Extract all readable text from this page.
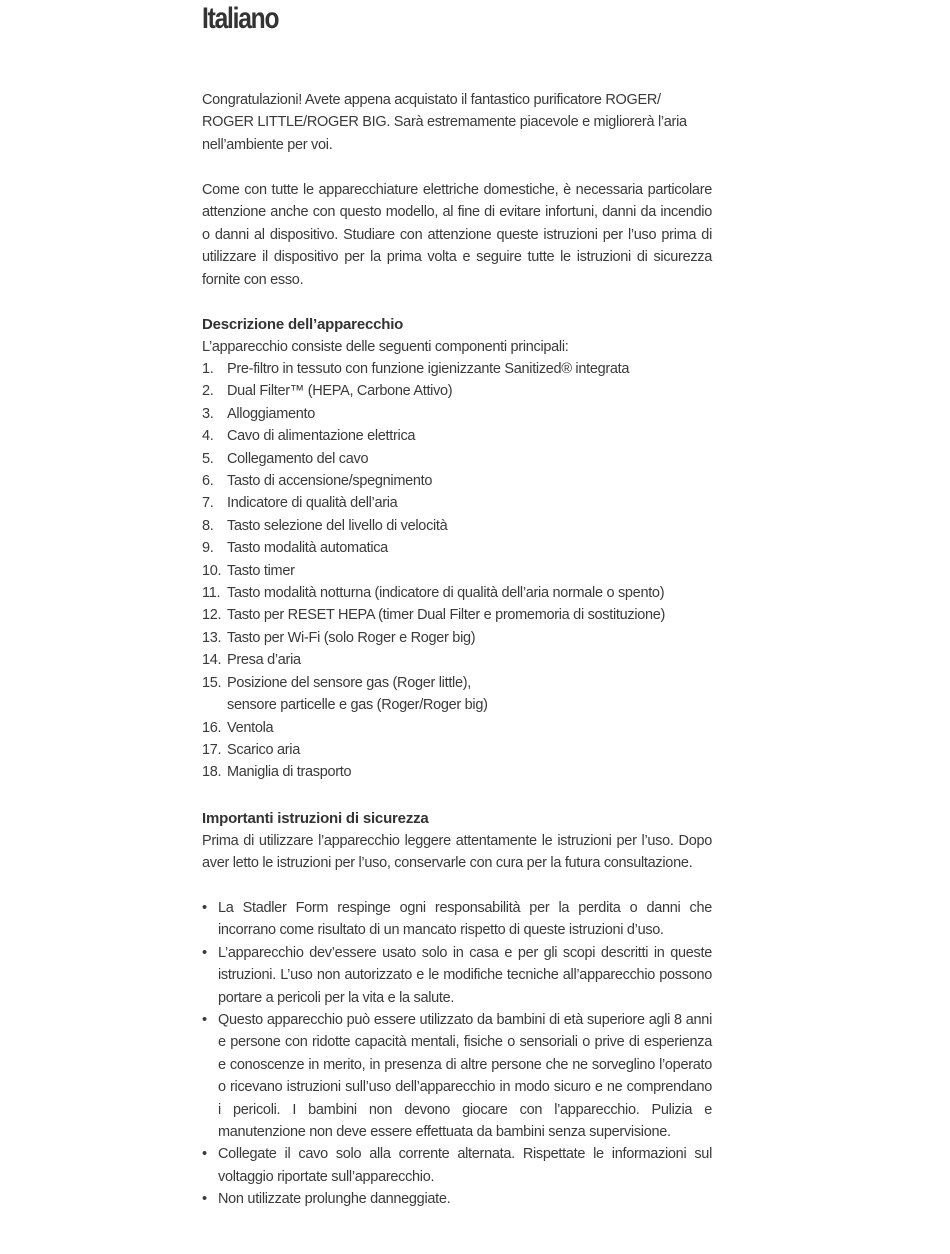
Italiano

Congratulazioni! Avete appena acquistato il fantastico purificatore ROGER/ ROGER LITTLE/ROGER BIG. Sarà estremamente piacevole e migliorerà l’aria nell’ambiente per voi.

Come con tutte le apparecchiature elettriche domestiche, è necessaria particolare attenzione anche con questo modello, al fine di evitare infortuni, danni da incendio o danni al dispositivo. Studiare con attenzione queste istruzioni per l’uso prima di utilizzare il dispositivo per la prima volta e seguire tutte le istruzioni di sicurezza fornite con esso.

Descrizione dell’apparecchio

L’apparecchio consiste delle seguenti componenti principali:

1. Pre-filtro in tessuto con funzione igienizzante Sanitized® integrata
2. Dual Filter™ (HEPA, Carbone Attivo)
3. Alloggiamento
4. Cavo di alimentazione elettrica
5. Collegamento del cavo
6. Tasto di accensione/spegnimento
7. Indicatore di qualità dell’aria
8. Tasto selezione del livello di velocità
9. Tasto modalità automatica
10. Tasto timer
11. Tasto modalità notturna (indicatore di qualità dell’aria normale o spento)
12. Tasto per RESET HEPA (timer Dual Filter e promemoria di sostituzione)
13. Tasto per Wi-Fi (solo Roger e Roger big)
14. Presa d’aria
15. Posizione del sensore gas (Roger little),
sensore particelle e gas (Roger/Roger big)
16. Ventola
17. Scarico aria
18. Maniglia di trasporto
Importanti istruzioni di sicurezza

Prima di utilizzare l’apparecchio leggere attentamente le istruzioni per l’uso. Dopo aver letto le istruzioni per l’uso, conservarle con cura per la futura consultazione.

• La Stadler Form respinge ogni responsabilità per la perdita o danni che incorrano come risultato di un mancato rispetto di queste istruzioni d’uso.
• L’apparecchio dev’essere usato solo in casa e per gli scopi descritti in queste istruzioni. L’uso non autorizzato e le modifiche tecniche all’apparecchio possono portare a pericoli per la vita e la salute.
• Questo apparecchio può essere utilizzato da bambini di età superiore agli 8 anni e persone con ridotte capacità mentali, fisiche o sensoriali o prive di esperienza e conoscenze in merito, in presenza di altre persone che ne sorveglino l’operato o ricevano istruzioni sull’uso dell’apparecchio in modo sicuro e ne comprendano i pericoli. I bambini non devono giocare con l’apparecchio. Pulizia e manutenzione non deve essere effettuata da bambini senza supervisione.
• Collegate il cavo solo alla corrente alternata. Rispettate le informazioni sul voltaggio riportate sull’apparecchio.
• Non utilizzate prolunghe danneggiate.
